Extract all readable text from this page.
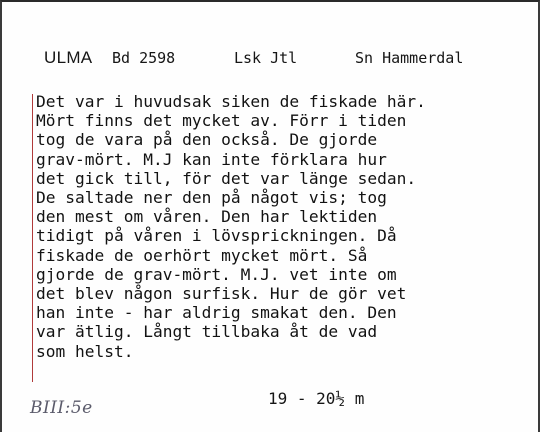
ULMA Bd 2598	Lsk Jtl	Sn Hammerdal
Det var i huvudsak siken de fiskade här.
Mört finns det mycket av. Förr i tiden
tog de vara på den också. De gjorde
grav-mört. M.J kan inte förklara hur
det gick till, för det var länge sedan.
De saltade ner den på något vis; tog
den mest om våren. Den har lektiden
tidigt på våren i lövsprickningen. Då
fiskade de oerhört mycket mört. Så
gjorde de grav-mört. M.J. vet inte om
det blev någon surfisk. Hur de gör vet
han inte - har aldrig smakat den. Den
var ätlig. Långt tillbaka åt de vad
som helst.
19 - 20½ m
BIII:5e
